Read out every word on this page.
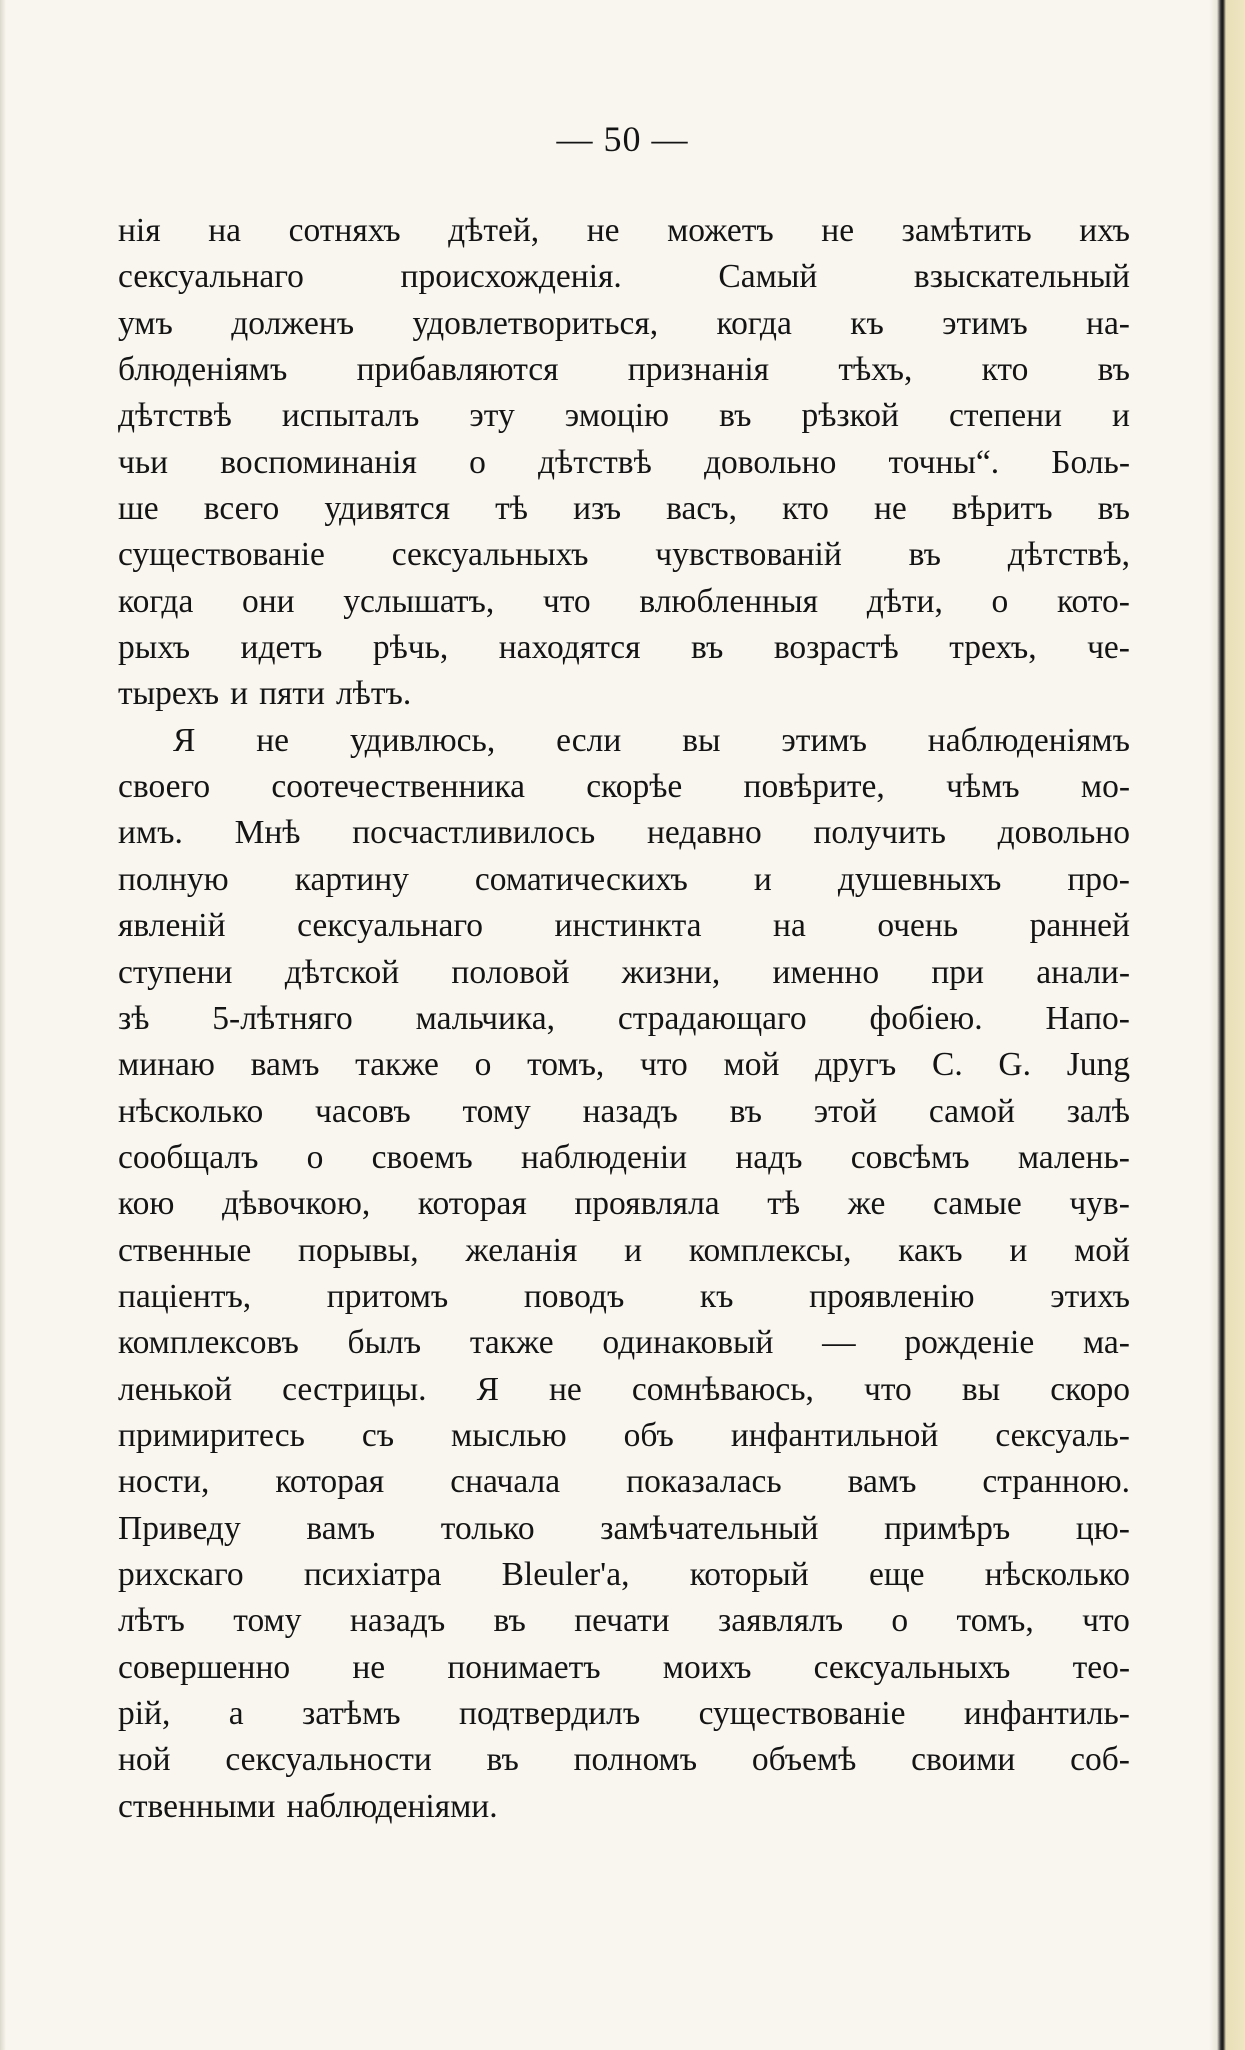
— 50 —
нія на сотняхъ дѣтей, не можетъ не замѣтить ихъ
сексуальнаго	происхожденія.	Самый	взыскательный
умъ долженъ удовлетвориться, когда къ этимъ на-
блюденіямъ прибавляются признанія тѣхъ, кто въ
дѣтствѣ испыталъ эту эмоцію въ рѣзкой степени и
чьи воспоминанія о дѣтствѣ довольно точны“. Боль-
ше всего удивятся тѣ изъ васъ, кто не вѣритъ въ
существованіе сексуальныхъ чувствованій въ дѣтствѣ,
когда они услышатъ, что влюбленныя дѣти, о кото-
рыхъ идетъ рѣчь, находятся въ возрастѣ трехъ, че-
тырехъ и пяти лѣтъ.
Я не удивлюсь, если вы этимъ наблюденіямъ
своего соотечественника скорѣе повѣрите, чѣмъ мо-
имъ. Мнѣ посчастливилось недавно получить довольно
полную картину соматическихъ и душевныхъ про-
явленій сексуальнаго инстинкта на очень ранней
ступени дѣтской половой жизни, именно при анали-
зѣ 5-лѣтняго мальчика, страдающаго фобіею. Напо-
минаю вамъ также о томъ, что мой другъ C. G. Jung
нѣсколько часовъ тому назадъ въ этой самой залѣ
сообщалъ о своемъ наблюденіи надъ совсѣмъ малень-
кою дѣвочкою, которая проявляла тѣ же самые чув-
ственные порывы, желанія и комплексы, какъ и мой
паціентъ, притомъ поводъ къ проявленію этихъ
комплексовъ былъ также одинаковый — рожденіе ма-
ленькой сестрицы. Я не сомнѣваюсь, что вы скоро
примиритесь съ мыслью объ инфантильной сексуаль-
ности, которая сначала показалась вамъ странною.
Приведу вамъ только замѣчательный примѣръ цю-
рихскаго психіатра Bleuler'a, который еще нѣсколько
лѣтъ тому назадъ въ печати заявлялъ о томъ, что
совершенно не понимаетъ моихъ сексуальныхъ тео-
рій, а затѣмъ подтвердилъ существованіе инфантиль-
ной сексуальности въ полномъ объемѣ своими соб-
ственными наблюденіями.
